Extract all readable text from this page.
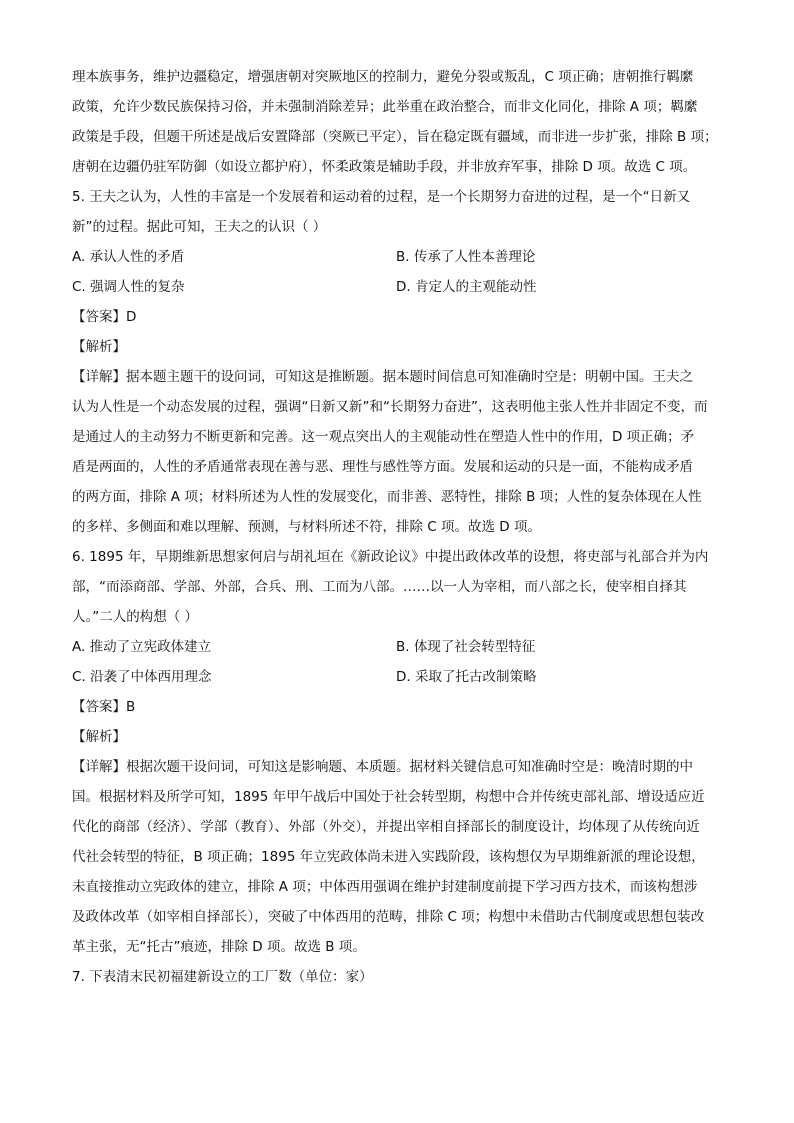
理本族事务，维护边疆稳定，增强唐朝对突厥地区的控制力，避免分裂或叛乱，C 项正确；唐朝推行羁縻
政策，允许少数民族保持习俗，并未强制消除差异；此举重在政治整合，而非文化同化，排除 A 项；羁縻
政策是手段，但题干所述是战后安置降部（突厥已平定），旨在稳定既有疆域，而非进一步扩张，排除 B 项；
唐朝在边疆仍驻军防御（如设立都护府），怀柔政策是辅助手段，并非放弃军事，排除 D 项。故选 C 项。
5. 王夫之认为，人性的丰富是一个发展着和运动着的过程，是一个长期努力奋进的过程，是一个“日新又
新”的过程。据此可知，王夫之的认识（ ）
A. 承认人性的矛盾	B. 传承了人性本善理论
C. 强调人性的复杂	D. 肯定人的主观能动性
【答案】D
【解析】
【详解】据本题主题干的设问词，可知这是推断题。据本题时间信息可知准确时空是：明朝中国。王夫之
认为人性是一个动态发展的过程，强调“日新又新”和“长期努力奋进”，这表明他主张人性并非固定不变，而
是通过人的主动努力不断更新和完善。这一观点突出人的主观能动性在塑造人性中的作用，D 项正确；矛
盾是两面的，人性的矛盾通常表现在善与恶、理性与感性等方面。发展和运动的只是一面，不能构成矛盾
的两方面，排除 A 项；材料所述为人性的发展变化，而非善、恶特性，排除 B 项；人性的复杂体现在人性
的多样、多侧面和难以理解、预测，与材料所述不符，排除 C 项。故选 D 项。
6. 1895 年，早期维新思想家何启与胡礼垣在《新政论议》中提出政体改革的设想，将吏部与礼部合并为内
部，“而添商部、学部、外部，合兵、刑、工而为八部。……以一人为宰相，而八部之长，使宰相自择其
人。”二人的构想（ ）
A. 推动了立宪政体建立	B. 体现了社会转型特征
C. 沿袭了中体西用理念	D. 采取了托古改制策略
【答案】B
【解析】
【详解】根据次题干设问词，可知这是影响题、本质题。据材料关键信息可知准确时空是：晚清时期的中
国。根据材料及所学可知，1895 年甲午战后中国处于社会转型期，构想中合并传统吏部礼部、增设适应近
代化的商部（经济）、学部（教育）、外部（外交），并提出宰相自择部长的制度设计，均体现了从传统向近
代社会转型的特征，B 项正确；1895 年立宪政体尚未进入实践阶段，该构想仅为早期维新派的理论设想，
未直接推动立宪政体的建立，排除 A 项；中体西用强调在维护封建制度前提下学习西方技术，而该构想涉
及政体改革（如宰相自择部长），突破了中体西用的范畴，排除 C 项；构想中未借助古代制度或思想包装改
革主张，无“托古”痕迹，排除 D 项。故选 B 项。
7. 下表清末民初福建新设立的工厂数（单位：家）
